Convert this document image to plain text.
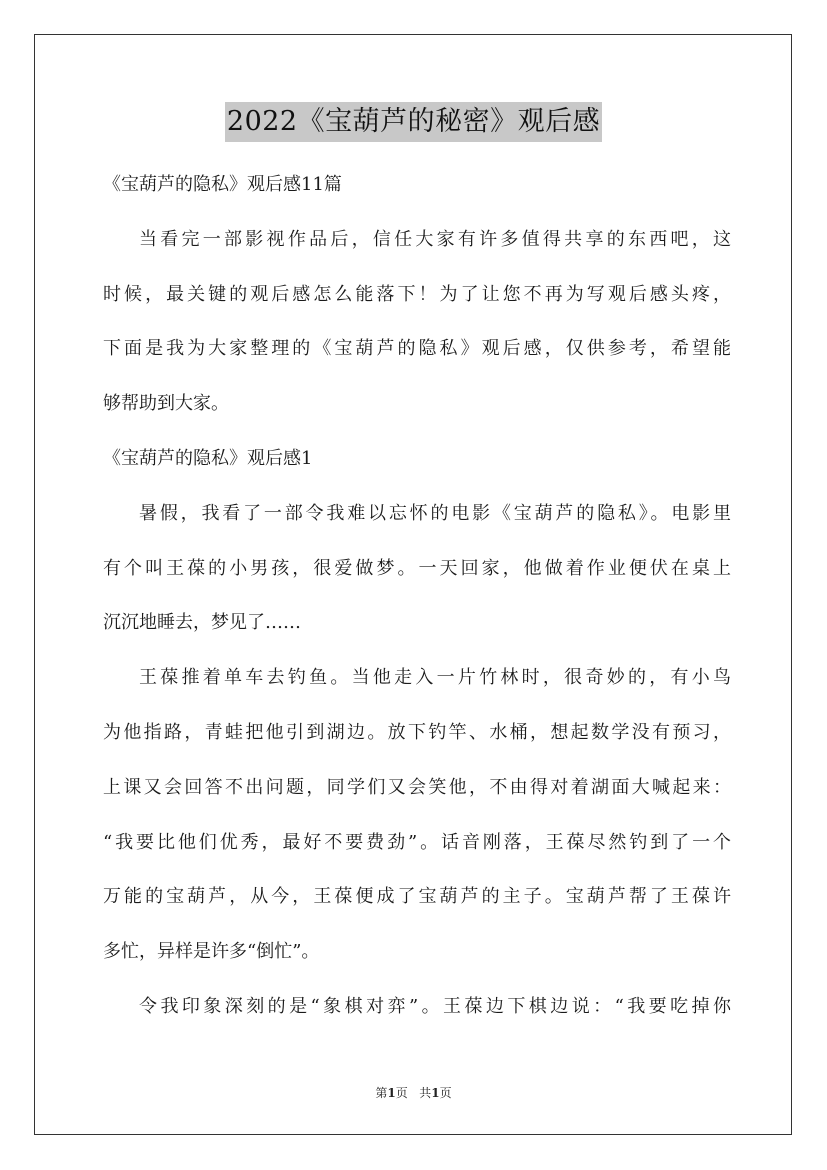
2022《宝葫芦的秘密》观后感
《宝葫芦的隐私》观后感11篇
当看完一部影视作品后，信任大家有许多值得共享的东西吧，这
时候，最关键的观后感怎么能落下！为了让您不再为写观后感头疼，
下面是我为大家整理的《宝葫芦的隐私》观后感，仅供参考，希望能
够帮助到大家。
《宝葫芦的隐私》观后感1
暑假，我看了一部令我难以忘怀的电影《宝葫芦的隐私》。电影里
有个叫王葆的小男孩，很爱做梦。一天回家，他做着作业便伏在桌上
沉沉地睡去，梦见了……
王葆推着单车去钓鱼。当他走入一片竹林时，很奇妙的，有小鸟
为他指路，青蛙把他引到湖边。放下钓竿、水桶，想起数学没有预习，
上课又会回答不出问题，同学们又会笑他，不由得对着湖面大喊起来：
“我要比他们优秀，最好不要费劲”。话音刚落，王葆尽然钓到了一个
万能的宝葫芦，从今，王葆便成了宝葫芦的主子。宝葫芦帮了王葆许
多忙，异样是许多“倒忙”。
令我印象深刻的是“象棋对弈”。王葆边下棋边说：“我要吃掉你
第1页 共1页
